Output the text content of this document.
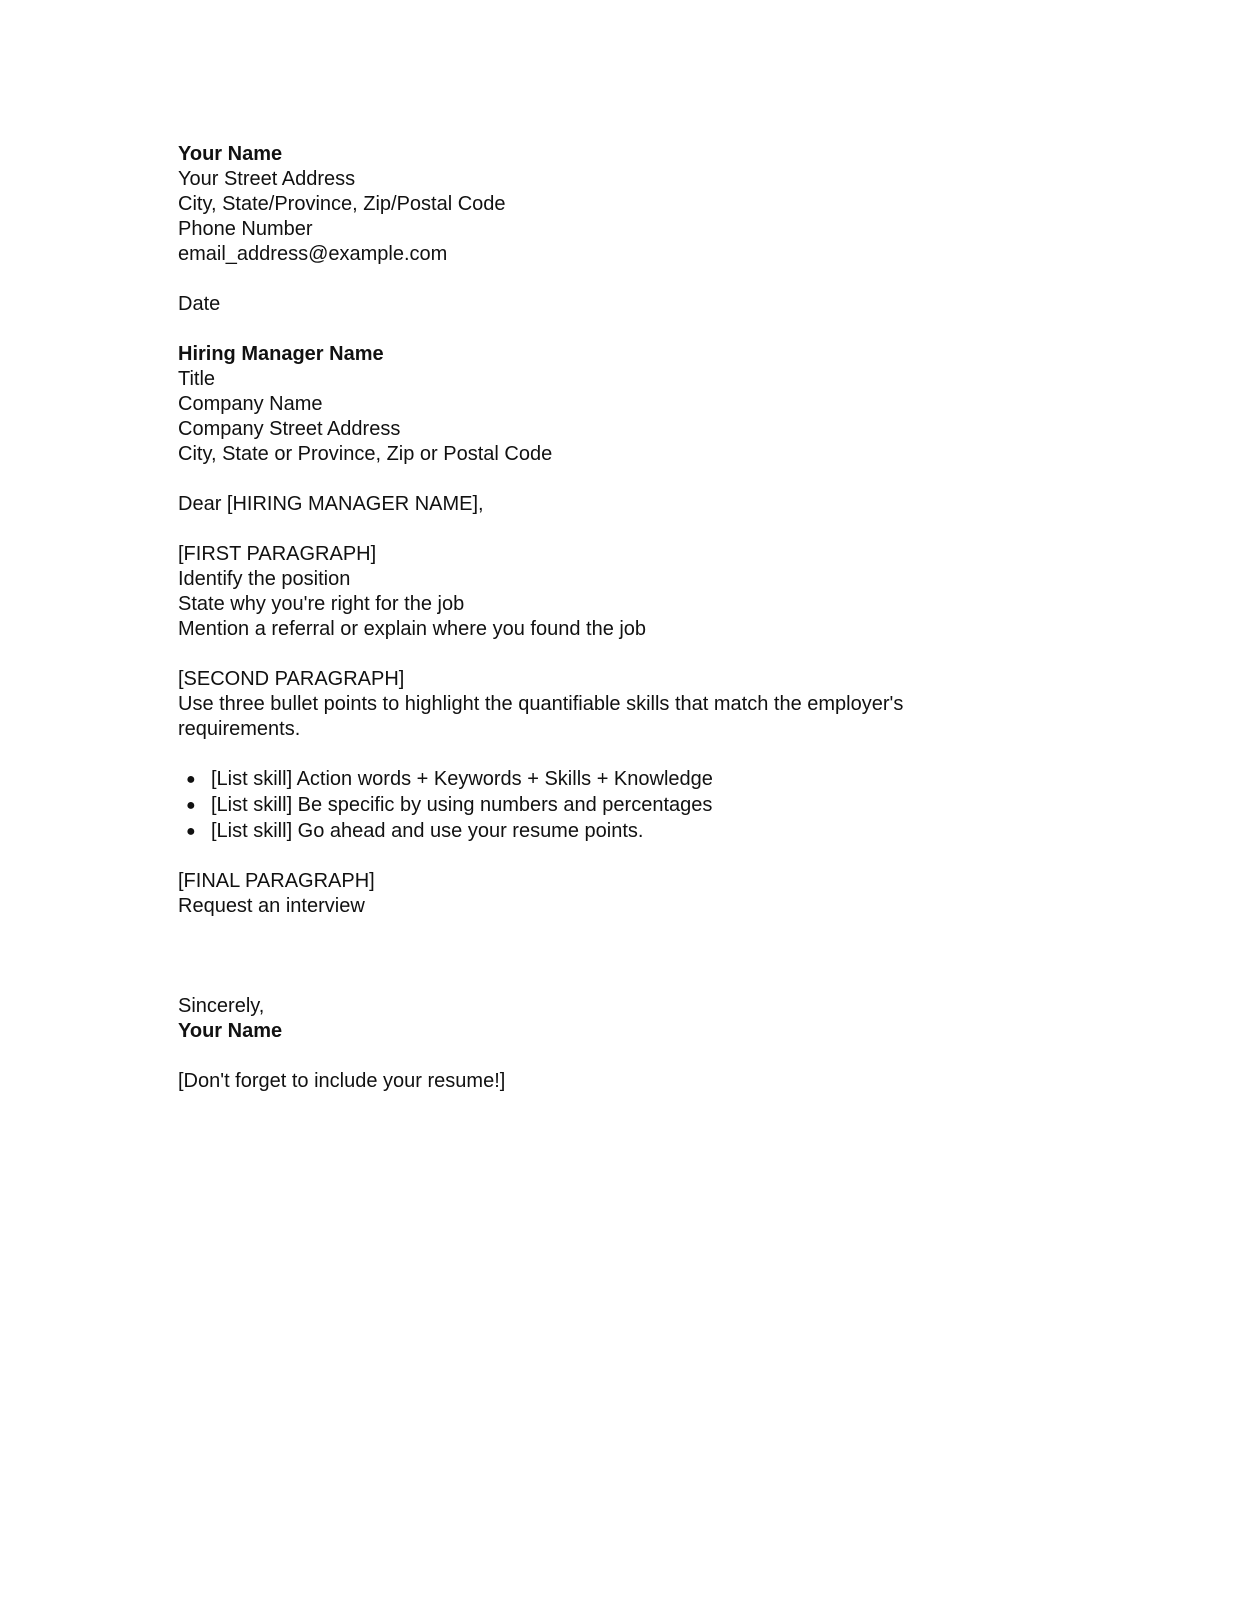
Your Name

Your Street Address

City, State/Province, Zip/Postal Code

Phone Number

email_address@example.com

Date

Hiring Manager Name

Title

Company Name

Company Street Address

City, State or Province, Zip or Postal Code

Dear [HIRING MANAGER NAME],

[FIRST PARAGRAPH]

Identify the position

State why you're right for the job

Mention a referral or explain where you found the job

[SECOND PARAGRAPH]

Use three bullet points to highlight the quantifiable skills that match the employer's requirements.

● [List skill] Action words + Keywords + Skills + Knowledge
● [List skill] Be specific by using numbers and percentages
● [List skill] Go ahead and use your resume points.

[FINAL PARAGRAPH]

Request an interview

Sincerely,

Your Name

[Don't forget to include your resume!]
